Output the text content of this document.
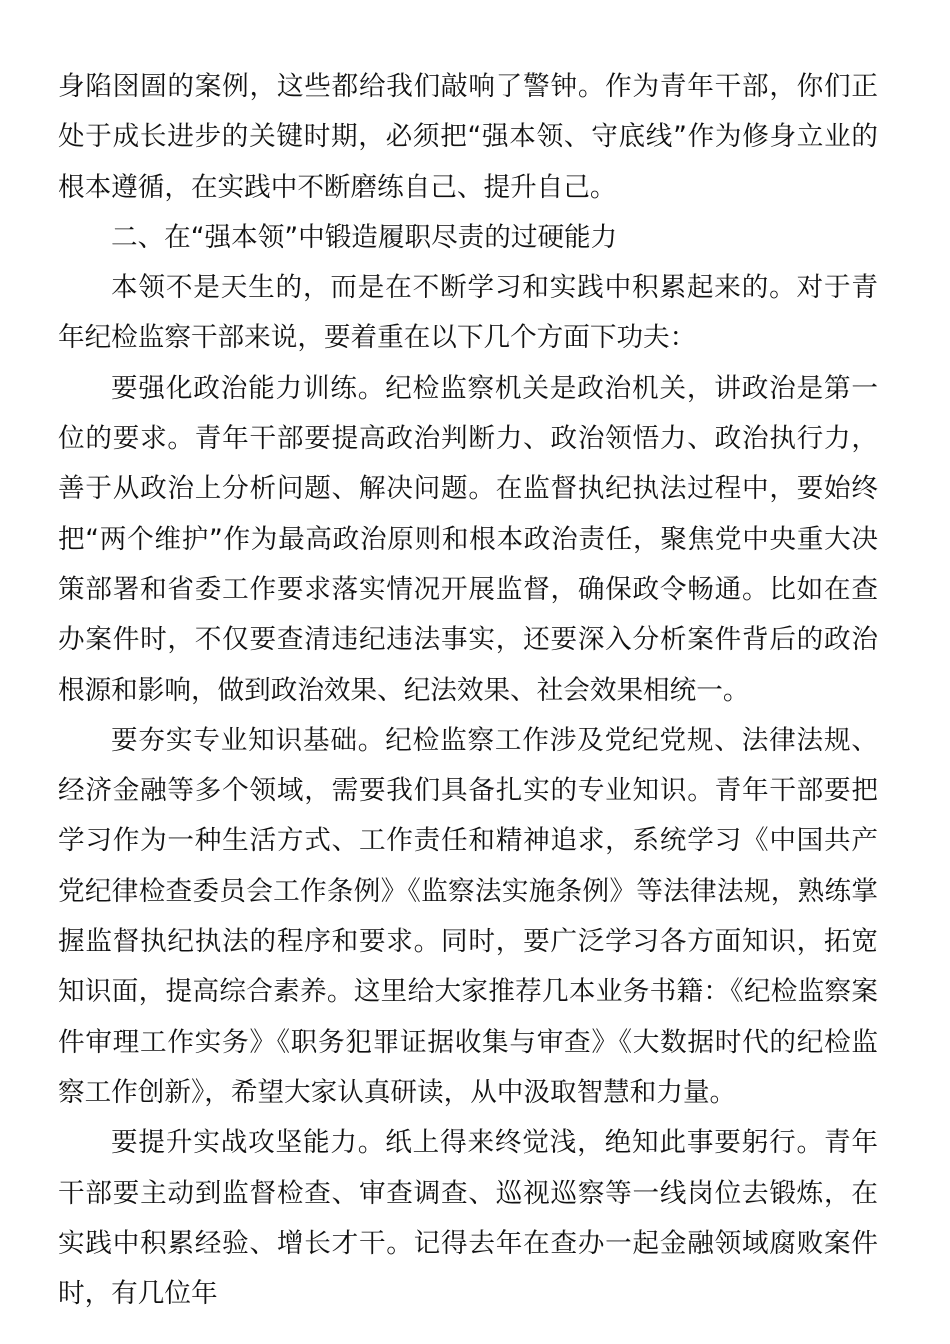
身陷囹圄的案例，这些都给我们敲响了警钟。作为青年干部，你们正处于成长进步的关键时期，必须把“强本领、守底线”作为修身立业的根本遵循，在实践中不断磨练自己、提升自己。

二、在“强本领”中锻造履职尽责的过硬能力

本领不是天生的，而是在不断学习和实践中积累起来的。对于青年纪检监察干部来说，要着重在以下几个方面下功夫：

要强化政治能力训练。纪检监察机关是政治机关，讲政治是第一位的要求。青年干部要提高政治判断力、政治领悟力、政治执行力，善于从政治上分析问题、解决问题。在监督执纪执法过程中，要始终把“两个维护”作为最高政治原则和根本政治责任，聚焦党中央重大决策部署和省委工作要求落实情况开展监督，确保政令畅通。比如在查办案件时，不仅要查清违纪违法事实，还要深入分析案件背后的政治根源和影响，做到政治效果、纪法效果、社会效果相统一。

要夯实专业知识基础。纪检监察工作涉及党纪党规、法律法规、经济金融等多个领域，需要我们具备扎实的专业知识。青年干部要把学习作为一种生活方式、工作责任和精神追求，系统学习《中国共产党纪律检查委员会工作条例》《监察法实施条例》等法律法规，熟练掌握监督执纪执法的程序和要求。同时，要广泛学习各方面知识，拓宽知识面，提高综合素养。这里给大家推荐几本业务书籍：《纪检监察案件审理工作实务》《职务犯罪证据收集与审查》《大数据时代的纪检监察工作创新》，希望大家认真研读，从中汲取智慧和力量。

要提升实战攻坚能力。纸上得来终觉浅，绝知此事要躬行。青年干部要主动到监督检查、审查调查、巡视巡察等一线岗位去锻炼，在实践中积累经验、增长才干。记得去年在查办一起金融领域腐败案件时，有几位年
